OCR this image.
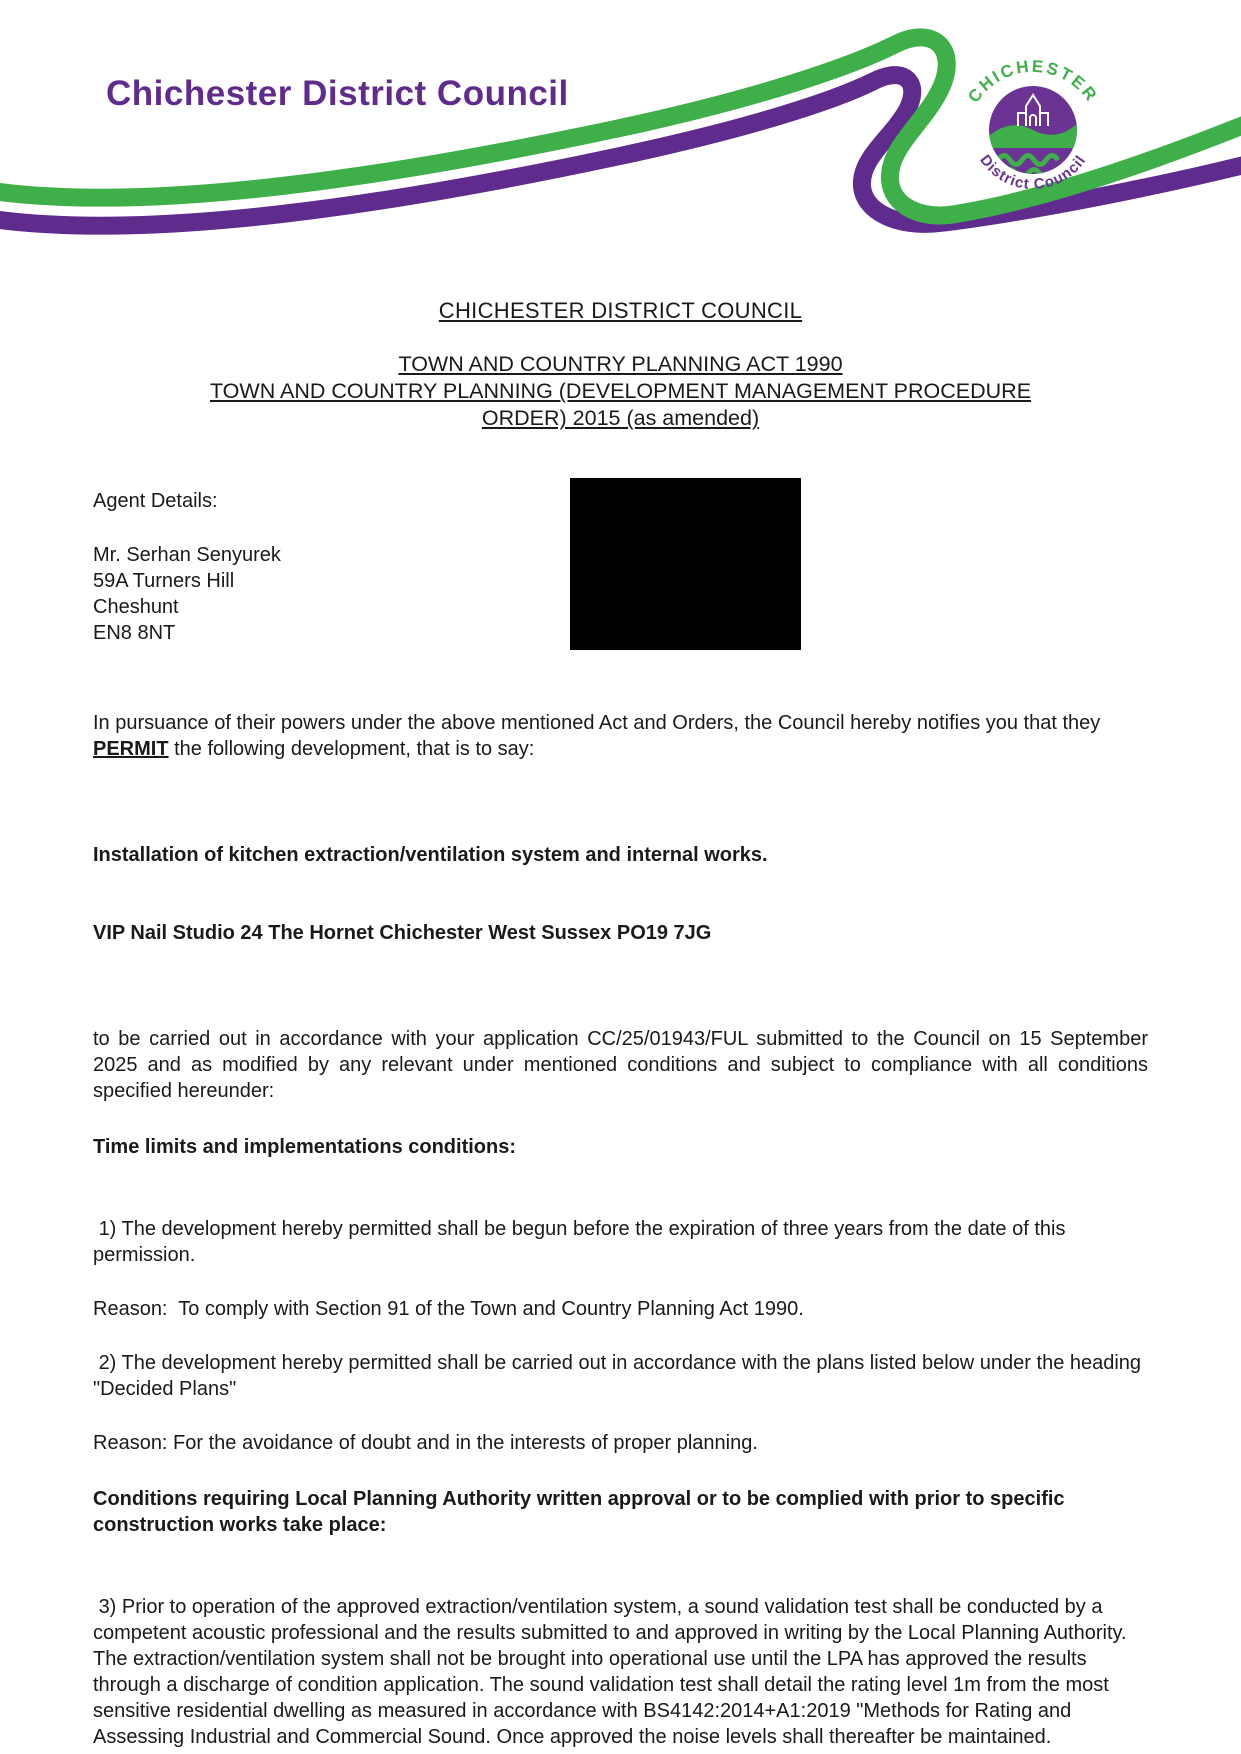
Chichester District Council	CHICHESTER
District Council
CHICHESTER DISTRICT COUNCIL
TOWN AND COUNTRY PLANNING ACT 1990
TOWN AND COUNTRY PLANNING (DEVELOPMENT MANAGEMENT PROCEDURE
ORDER) 2015 (as amended)
Agent Details:
Mr. Serhan Senyurek
59A Turners Hill
Cheshunt
EN8 8NT

In pursuance of their powers under the above mentioned Act and Orders, the Council hereby notifies you that they PERMIT the following development, that is to say:

Installation of kitchen extraction/ventilation system and internal works.

VIP Nail Studio 24 The Hornet Chichester West Sussex PO19 7JG

to be carried out in accordance with your application CC/25/01943/FUL submitted to the Council on 15 September 2025 and as modified by any relevant under mentioned conditions and subject to compliance with all conditions specified hereunder:

Time limits and implementations conditions:

1) The development hereby permitted shall be begun before the expiration of three years from the date of this permission.

Reason:  To comply with Section 91 of the Town and Country Planning Act 1990.

2) The development hereby permitted shall be carried out in accordance with the plans listed below under the heading "Decided Plans"

Reason: For the avoidance of doubt and in the interests of proper planning.

Conditions requiring Local Planning Authority written approval or to be complied with prior to specific construction works take place:

3) Prior to operation of the approved extraction/ventilation system, a sound validation test shall be conducted by a competent acoustic professional and the results submitted to and approved in writing by the Local Planning Authority. The extraction/ventilation system shall not be brought into operational use until the LPA has approved the results through a discharge of condition application. The sound validation test shall detail the rating level 1m from the most sensitive residential dwelling as measured in accordance with BS4142:2014+A1:2019 "Methods for Rating and Assessing Industrial and Commercial Sound. Once approved the noise levels shall thereafter be maintained.
